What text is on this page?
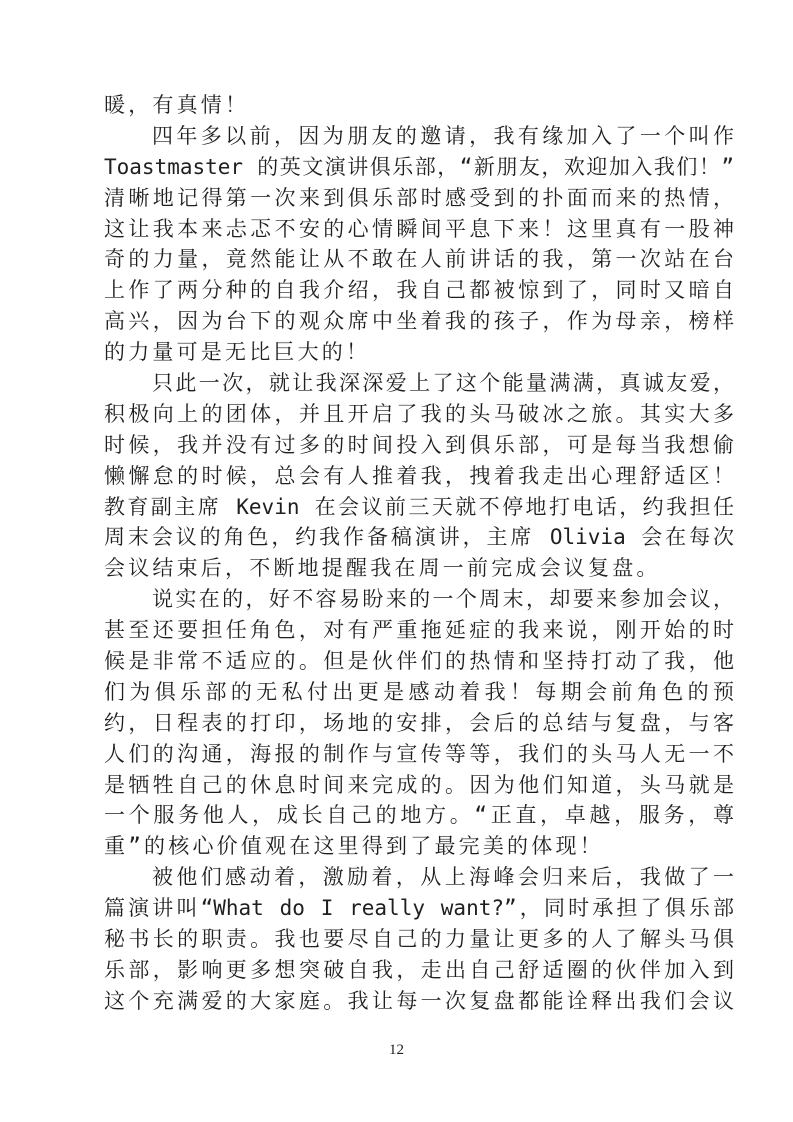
暖，有真情！
四年多以前，因为朋友的邀请，我有缘加入了一个叫作
Toastmaster 的英文演讲俱乐部，“新朋友，欢迎加入我们！”
清晰地记得第一次来到俱乐部时感受到的扑面而来的热情，
这让我本来忐忑不安的心情瞬间平息下来！这里真有一股神
奇的力量，竟然能让从不敢在人前讲话的我，第一次站在台
上作了两分种的自我介绍，我自己都被惊到了，同时又暗自
高兴，因为台下的观众席中坐着我的孩子，作为母亲，榜样
的力量可是无比巨大的！
只此一次，就让我深深爱上了这个能量满满，真诚友爱，
积极向上的团体，并且开启了我的头马破冰之旅。其实大多
时候，我并没有过多的时间投入到俱乐部，可是每当我想偷
懒懈怠的时候，总会有人推着我，拽着我走出心理舒适区！
教育副主席 Kevin 在会议前三天就不停地打电话，约我担任
周末会议的角色，约我作备稿演讲，主席 Olivia 会在每次
会议结束后，不断地提醒我在周一前完成会议复盘。
说实在的，好不容易盼来的一个周末，却要来参加会议，
甚至还要担任角色，对有严重拖延症的我来说，刚开始的时
候是非常不适应的。但是伙伴们的热情和坚持打动了我，他
们为俱乐部的无私付出更是感动着我！每期会前角色的预
约，日程表的打印，场地的安排，会后的总结与复盘，与客
人们的沟通，海报的制作与宣传等等，我们的头马人无一不
是牺牲自己的休息时间来完成的。因为他们知道，头马就是
一个服务他人，成长自己的地方。“正直，卓越，服务，尊
重”的核心价值观在这里得到了最完美的体现！
被他们感动着，激励着，从上海峰会归来后，我做了一
篇演讲叫“What do I really want?”，同时承担了俱乐部
秘书长的职责。我也要尽自己的力量让更多的人了解头马俱
乐部，影响更多想突破自我，走出自己舒适圈的伙伴加入到
这个充满爱的大家庭。我让每一次复盘都能诠释出我们会议
12
